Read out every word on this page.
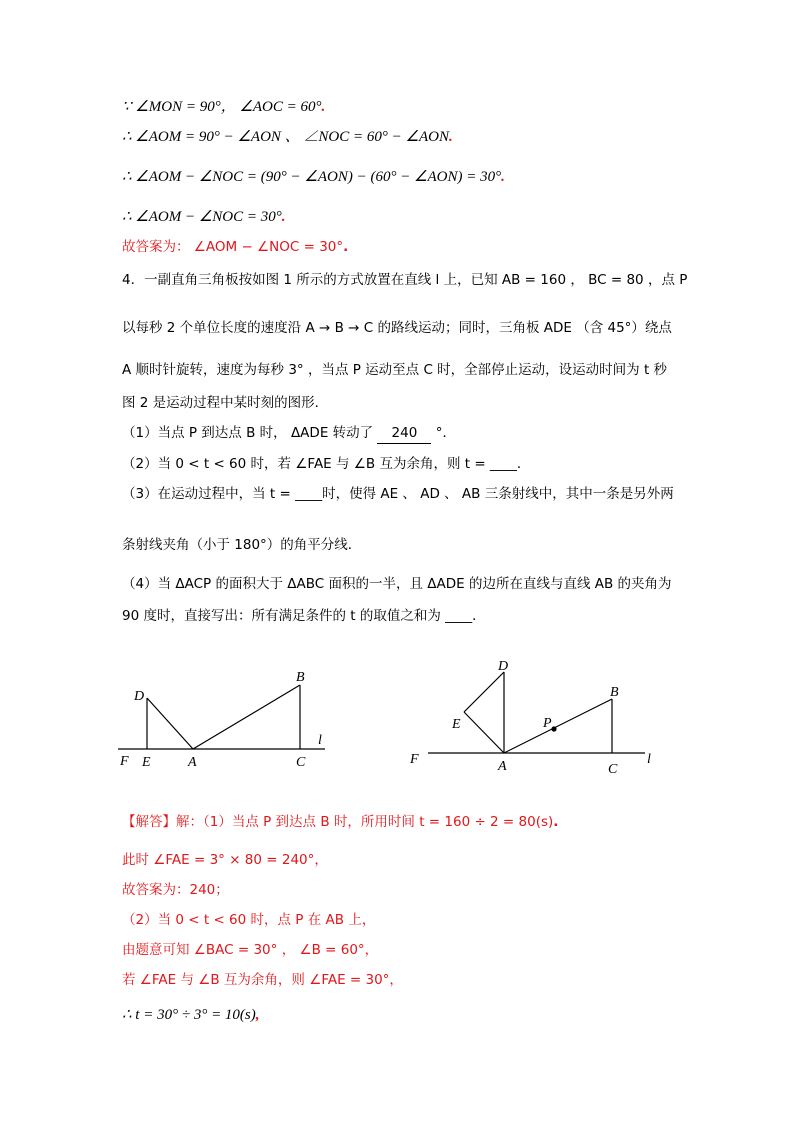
∵ ∠MON = 90°， ∠AOC = 60°.
∴ ∠AOM = 90° − ∠AON 、 ∠NOC = 60° − ∠AON.
∴ ∠AOM − ∠NOC = (90° − ∠AON) − (60° − ∠AON) = 30°.
∴ ∠AOM − ∠NOC = 30°.
故答案为： ∠AOM − ∠NOC = 30°.
4．一副直角三角板按如图 1 所示的方式放置在直线 l 上，已知 AB = 160 ， BC = 80 ，点 P
以每秒 2 个单位长度的速度沿 A → B → C 的路线运动；同时，三角板 ADE （含 45°）绕点
A 顺时针旋转，速度为每秒 3° ，当点 P 运动至点 C 时，全部停止运动，设运动时间为 t 秒
图 2 是运动过程中某时刻的图形．
（1）当点 P 到达点 B 时， ΔADE 转动了 240 °．
（2）当 0 < t < 60 时，若 ∠FAE 与 ∠B 互为余角，则 t = ____．
（3）在运动过程中，当 t = ____时，使得 AE 、 AD 、 AB 三条射线中，其中一条是另外两
条射线夹角（小于 180°）的角平分线．
（4）当 ΔACP 的面积大于 ΔABC 面积的一半，且 ΔADE 的边所在直线与直线 AB 的夹角为
90 度时，直接写出：所有满足条件的 t 的取值之和为 ____．
D
B
l
F E	A	C
D
B
E	P
F	A	C
l
【解答】解：（1）当点 P 到达点 B 时，所用时间 t = 160 ÷ 2 = 80(s).
此时 ∠FAE = 3° × 80 = 240°，
故答案为：240；
（2）当 0 < t < 60 时，点 P 在 AB 上，
由题意可知 ∠BAC = 30° ， ∠B = 60°，
若 ∠FAE 与 ∠B 互为余角，则 ∠FAE = 30°，
∴ t = 30° ÷ 3° = 10(s),
